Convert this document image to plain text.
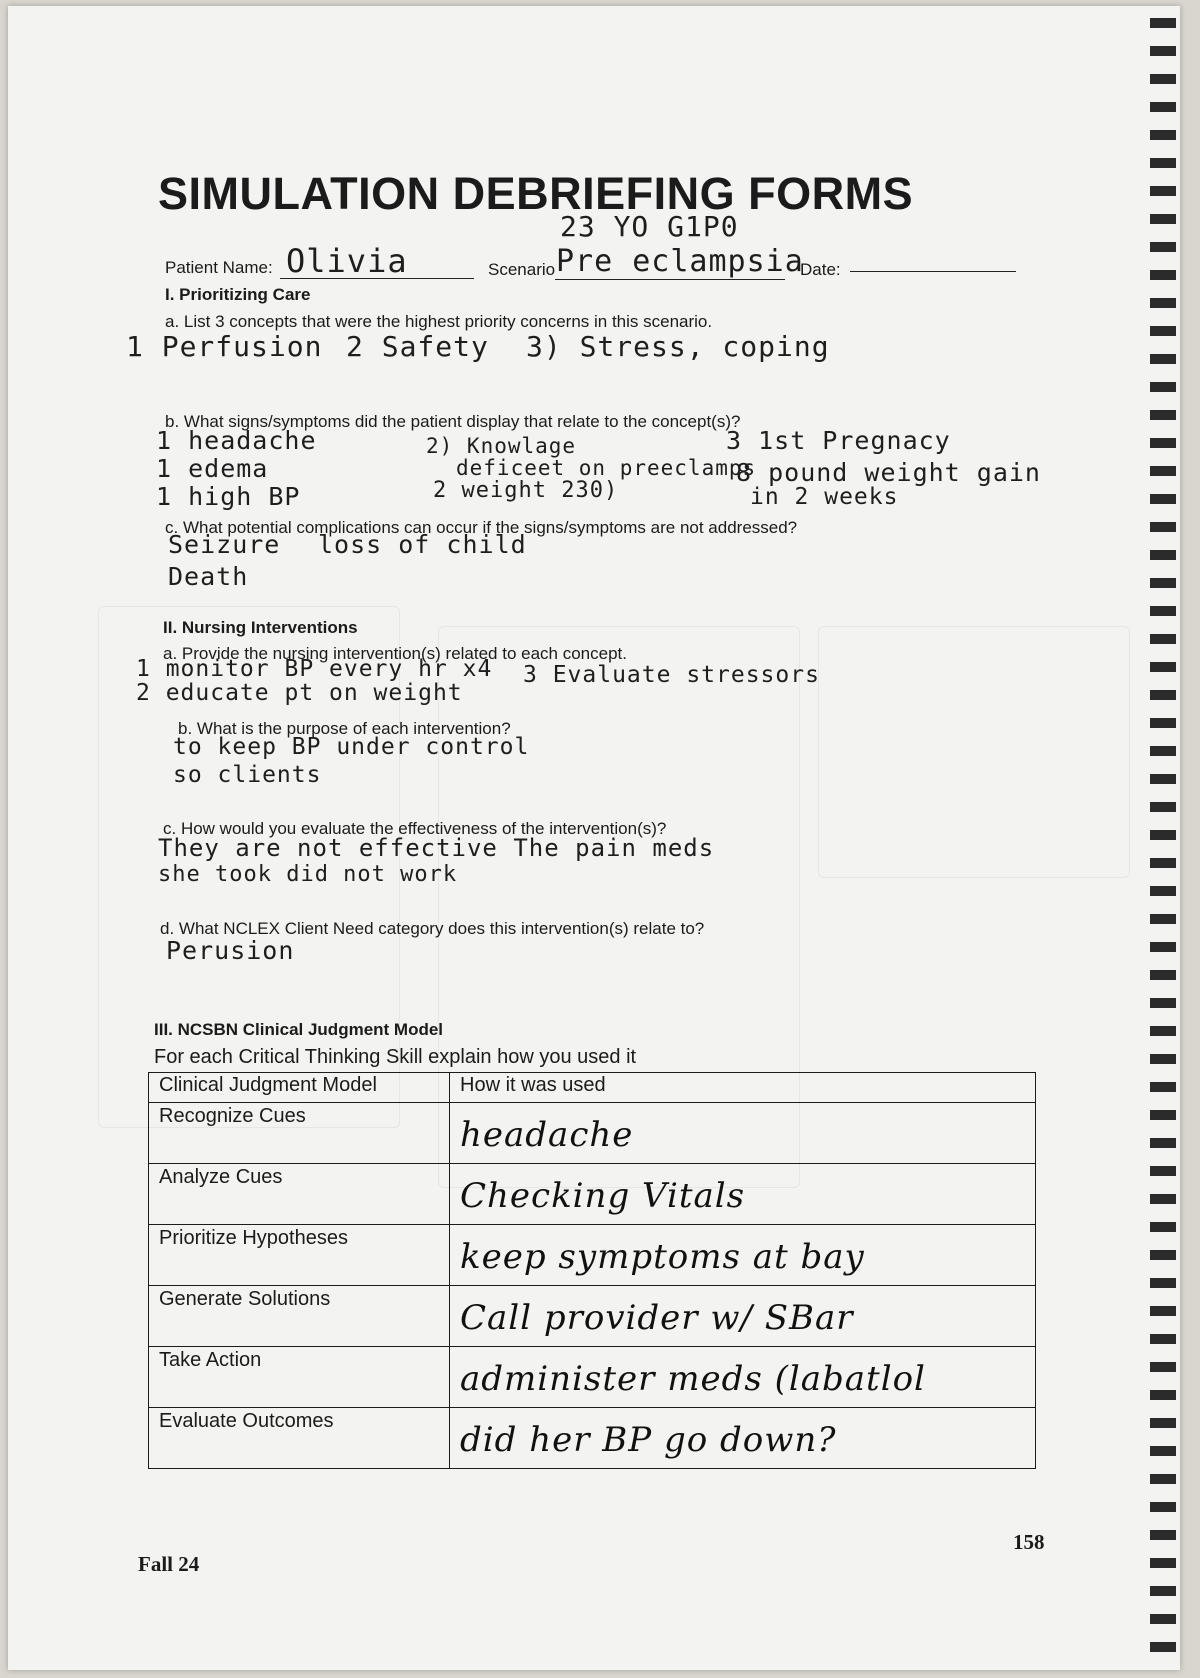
SIMULATION DEBRIEFING FORMS
23 YO G1P0
Patient Name: Olivia	Scenario Pre eclampsia
Date:
I. Prioritizing Care
a. List 3 concepts that were the highest priority concerns in this scenario.
1 Perfusion 2 Safety 3) Stress, coping
b. What signs/symptoms did the patient display that relate to the concept(s)?
1 headache
1 edema
1 high BP
2) Knowlage
deficeet on preeclamps
2 weight 230)
3 1st Pregnacy
8 pound weight gain
in 2 weeks
c. What potential complications can occur if the signs/symptoms are not addressed?
Seizure loss of child
Death
II. Nursing Interventions
a. Provide the nursing intervention(s) related to each concept.
1 monitor BP every hr x4
2 educate pt on weight
3 Evaluate stressors
b. What is the purpose of each intervention?
to keep BP under control
so clients
c. How would you evaluate the effectiveness of the intervention(s)?
They are not effective The pain meds
she took did not work
d. What NCLEX Client Need category does this intervention(s) relate to?
Perusion
III. NCSBN Clinical Judgment Model
For each Critical Thinking Skill explain how you used it
Clinical Judgment Model	How it was used
Recognize Cues	headache
Analyze Cues	Checking Vitals
Prioritize Hypotheses	keep symptoms at bay
Generate Solutions	Call provider w/ SBar
Take Action	administer meds (labatlol
Evaluate Outcomes	did her BP go down?
Fall 24
158
